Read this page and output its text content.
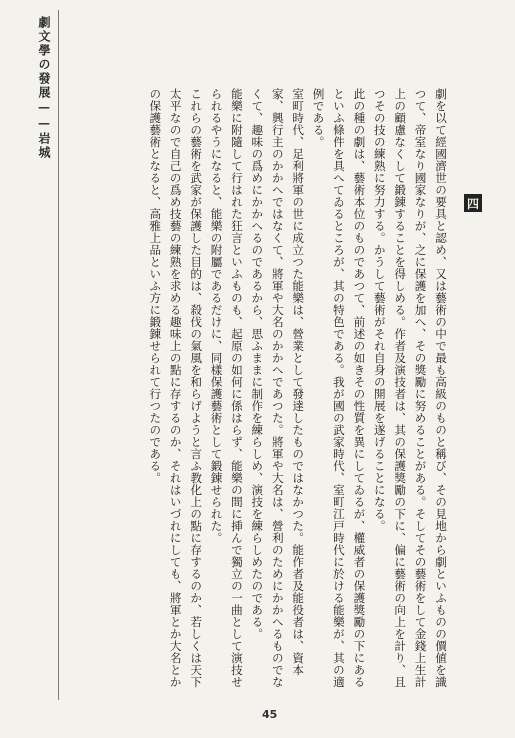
劇文學の發展——岩城
四

劇を以て經國濟世の要具と認め、又は藝術の中で最も高級のものと稱び、その見地から劇といふものの價値を識つて、帝室なり國家なりが、之に保護を加へ、その獎勵に努めることがある。そしてその藝術をして金錢上生計上の顧慮なくして鍛錬することを得しめる。作者及演技者は、其の保護獎勵の下に、偏に藝術の向上を計り、且つその技の練熟に努力する。かうして藝術がそれ自身の開展を遂げることになる。

此の種の劇は、藝術本位のものであつて、前述の如きその性質を異にしてゐるが、權威者の保護獎勵の下にあるといふ條件を具へてゐるところが、其の特色である。我が國の武家時代、室町江戸時代に於ける能樂が、其の適例である。

室町時代、足利將軍の世に成立つた能樂は、營業として發達したものではなかつた。能作者及能役者は、資本家、興行主のかかへではなくて、將軍や大名のかかへであつた。將軍や大名は、營利のためにかかへるものでなくて、趣味の爲めにかかへるのであるから、思ふままに制作を練らしめ、演技を練らしめたのである。

能樂に附隨して行はれた狂言といふものも、起原の如何に係はらず、能樂の間に挿んで獨立の一曲として演技せられるやうになると、能樂の附屬であるだけに、同樣保護藝術として鍛錬せられた。

これらの藝術を武家が保護した目的は、殺伐の氣風を和らげようと言ふ教化上の點に存するのか、若しくは天下太平なので自己の爲め技藝の練熟を求める趣味上の點に存するのか、それはいづれにしても、將軍とか大名とかの保護藝術となると、高雅上品といふ方に鍛錬せられて行つたのである。

45
